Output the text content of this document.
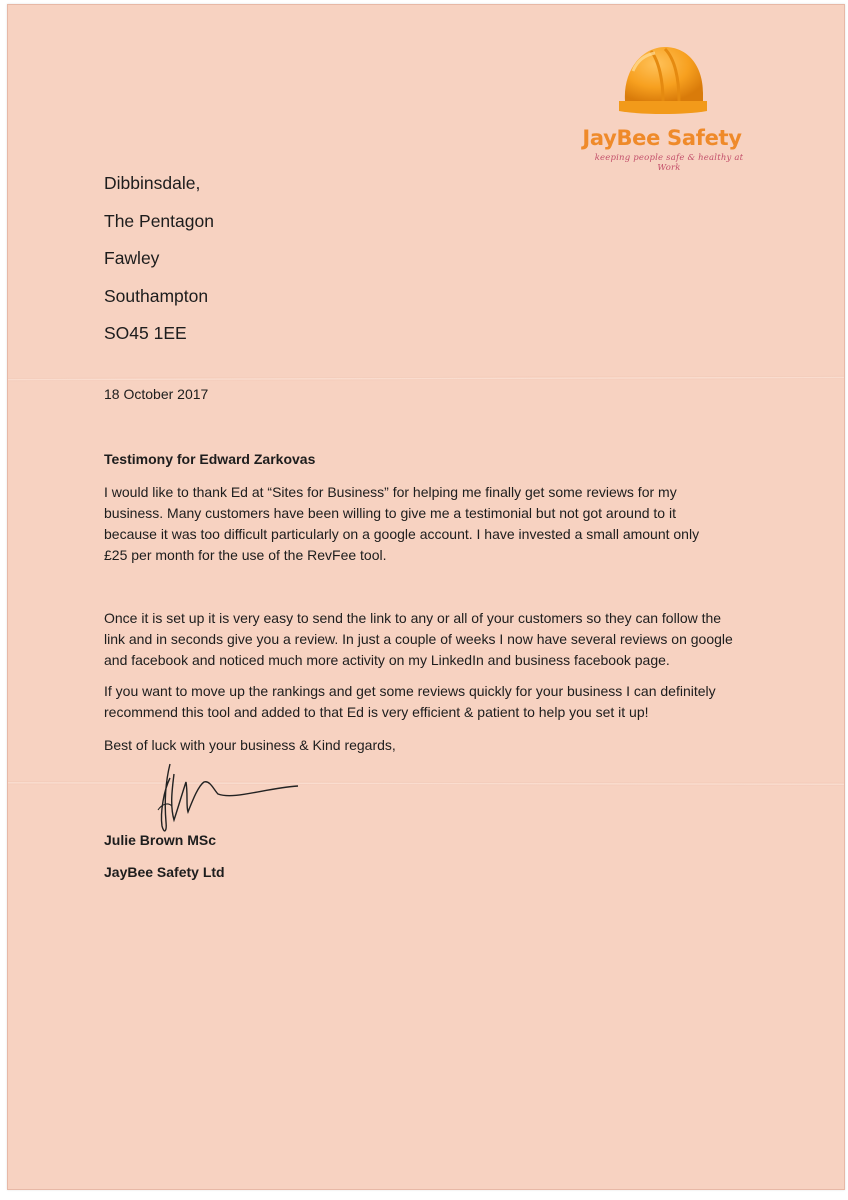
JayBee Safety
keeping people safe & healthy at Work
Dibbinsdale,
The Pentagon
Fawley
Southampton
SO45 1EE
18 October 2017
Testimony for Edward Zarkovas
I would like to thank Ed at “Sites for Business” for helping me finally get some reviews for my
business. Many customers have been willing to give me a testimonial but not got around to it
because it was too difficult particularly on a google account. I have invested a small amount only
£25 per month for the use of the RevFee tool.
Once it is set up it is very easy to send the link to any or all of your customers so they can follow the
link and in seconds give you a review. In just a couple of weeks I now have several reviews on google
and facebook and noticed much more activity on my LinkedIn and business facebook page.
If you want to move up the rankings and get some reviews quickly for your business I can definitely
recommend this tool and added to that Ed is very efficient & patient to help you set it up!
Best of luck with your business & Kind regards,
Julie Brown MSc
JayBee Safety Ltd
